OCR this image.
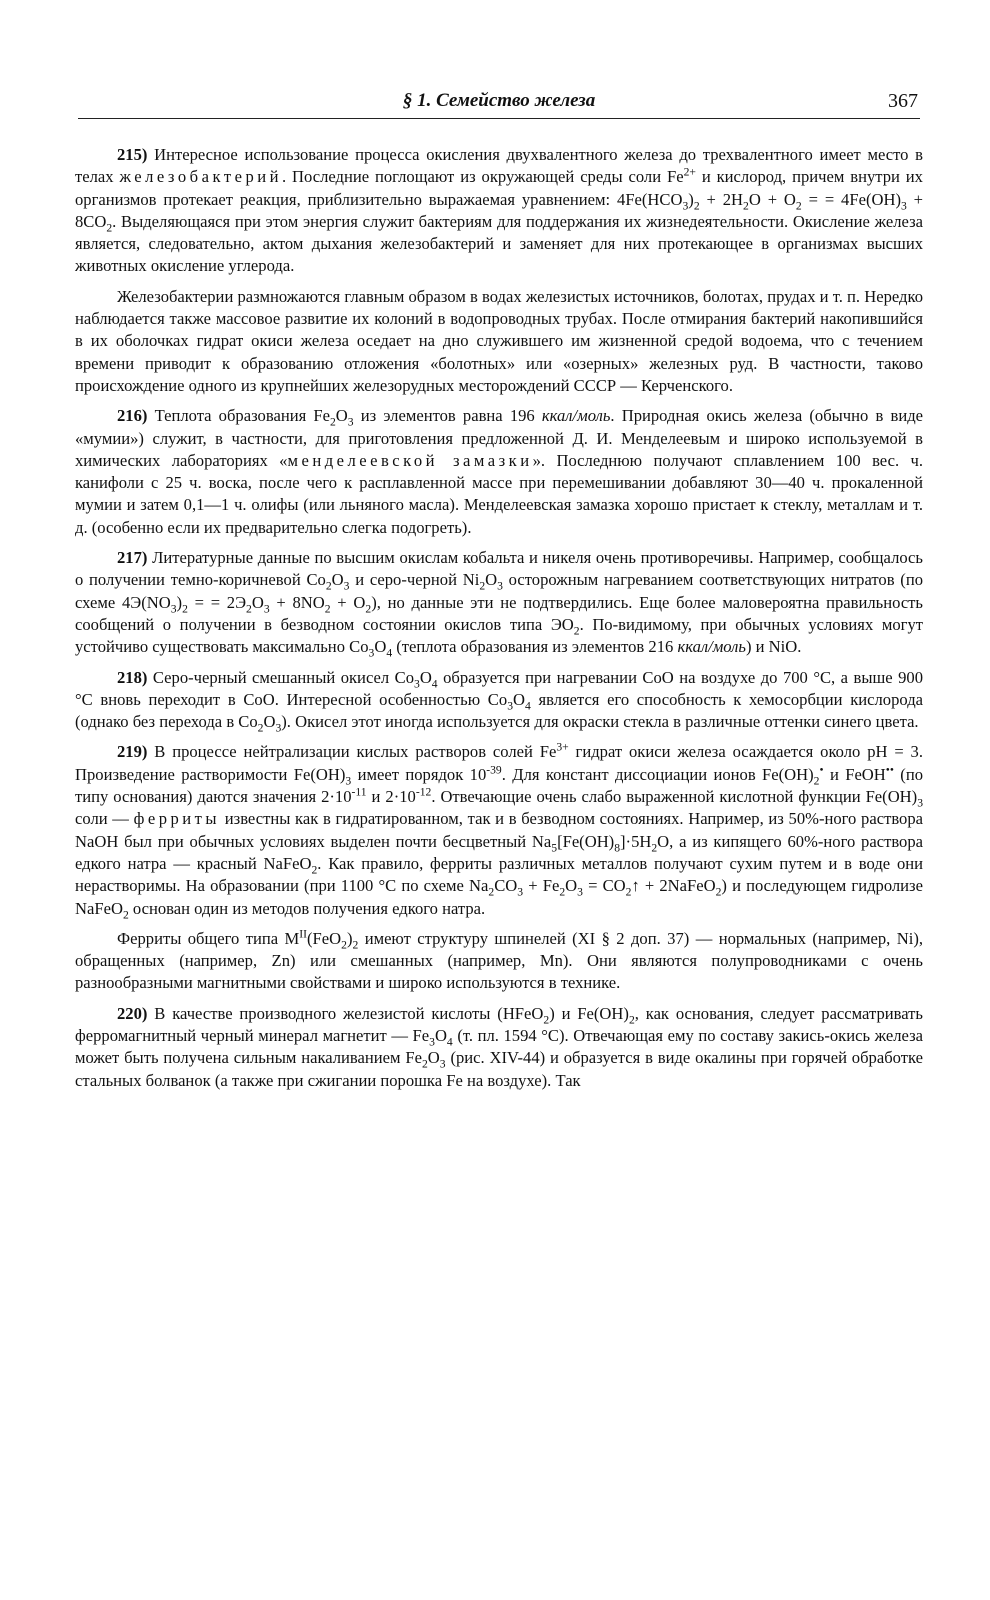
§ 1. Семейство железа	367

215) Интересное использование процесса окисления двухвалентного железа до трехвалентного имеет место в телах железобактерий. Последние поглощают из окружающей среды соли $Fe^{2+}$ и кислород, причем внутри их организмов протекает реакция, приблизительно выражаемая уравнением: $4Fe(HCO_3)_2 + 2H_2O + O_2$ = = $4Fe(OH)_3 + 8CO_2$. Выделяющаяся при этом энергия служит бактериям для поддержания их жизнедеятельности. Окисление железа является, следовательно, актом дыхания железобактерий и заменяет для них протекающее в организмах высших животных окисление углерода.

Железобактерии размножаются главным образом в водах железистых источников, болотах, прудах и т. п. Нередко наблюдается также массовое развитие их колоний в водопроводных трубах. После отмирания бактерий накопившийся в их оболочках гидрат окиси железа оседает на дно служившего им жизненной средой водоема, что с течением времени приводит к образованию отложения «болотных» или «озерных» железных руд. В частности, таково происхождение одного из крупнейших железорудных месторождений СССР — Керченского.

216) Теплота образования $Fe_2O_3$ из элементов равна 196 ккал/моль. Природная окись железа (обычно в виде «мумии») служит, в частности, для приготовления предложенной Д. И. Менделеевым и широко используемой в химических лабораториях «менделеевской замазки». Последнюю получают сплавлением 100 вес. ч. канифоли с 25 ч. воска, после чего к расплавленной массе при перемешивании добавляют 30—40 ч. прокаленной мумии и затем 0,1—1 ч. олифы (или льняного масла). Менделеевская замазка хорошо пристает к стеклу, металлам и т. д. (особенно если их предварительно слегка подогреть).

217) Литературные данные по высшим окислам кобальта и никеля очень противоречивы. Например, сообщалось о получении темно-коричневой $Co_2O_3$ и серо-черной $Ni_2O_3$ осторожным нагреванием соответствующих нитратов (по схеме $4Э(NO_3)_2$ = = $2Э_2O_3 + 8NO_2 + O_2$), но данные эти не подтвердились. Еще более маловероятна правильность сообщений о получении в безводном состоянии окислов типа $ЭO_2$. По-видимому, при обычных условиях могут устойчиво существовать максимально $Co_3O_4$ (теплота образования из элементов 216 ккал/моль) и NiO.

218) Серо-черный смешанный окисел $Co_3O_4$ образуется при нагревании CoO на воздухе до 700 °C, а выше 900 °C вновь переходит в CoO. Интересной особенностью $Co_3O_4$ является его способность к хемосорбции кислорода (однако без перехода в $Co_2O_3$). Окисел этот иногда используется для окраски стекла в различные оттенки синего цвета.

219) В процессе нейтрализации кислых растворов солей $Fe^{3+}$ гидрат окиси железа осаждается около pH = 3. Произведение растворимости $Fe(OH)_3$ имеет порядок $10^{-39}$. Для констант диссоциации ионов $Fe(OH)_2^•$ и FeOH•• (по типу основания) даются значения $2\cdot 10^{-11}$ и $2\cdot 10^{-12}$. Отвечающие очень слабо выраженной кислотной функции $Fe(OH)_3$ соли — ферриты известны как в гидратированном, так и в безводном состояниях. Например, из 50%-ного раствора NaOH был при обычных условиях выделен почти бесцветный $Na_5[Fe(OH)_8]\cdot 5H_2O$, а из кипящего 60%-ного раствора едкого натра — красный NaFeO$_2$. Как правило, ферриты различных металлов получают сухим путем и в воде они нерастворимы. На образовании (при 1100 °C по схеме $Na_2CO_3 + Fe_2O_3$ = $CO_2↑$ + 2NaFeO$_2$) и последующем гидролизе NaFeO$_2$ основан один из методов получения едкого натра.

Ферриты общего типа $M^{II}(FeO_2)_2$ имеют структуру шпинелей (XI § 2 доп. 37) — нормальных (например, Ni), обращенных (например, Zn) или смешанных (например, Mn). Они являются полупроводниками с очень разнообразными магнитными свойствами и широко используются в технике.

220) В качестве производного железистой кислоты (HFeO$_2$) и $Fe(OH)_2$, как основания, следует рассматривать ферромагнитный черный минерал магнетит — $Fe_3O_4$ (т. пл. 1594 °C). Отвечающая ему по составу закись-окись железа может быть получена сильным накаливанием $Fe_2O_3$ (рис. XIV-44) и образуется в виде окалины при горячей обработке стальных болванок (а также при сжигании порошка Fe на воздухе). Так
